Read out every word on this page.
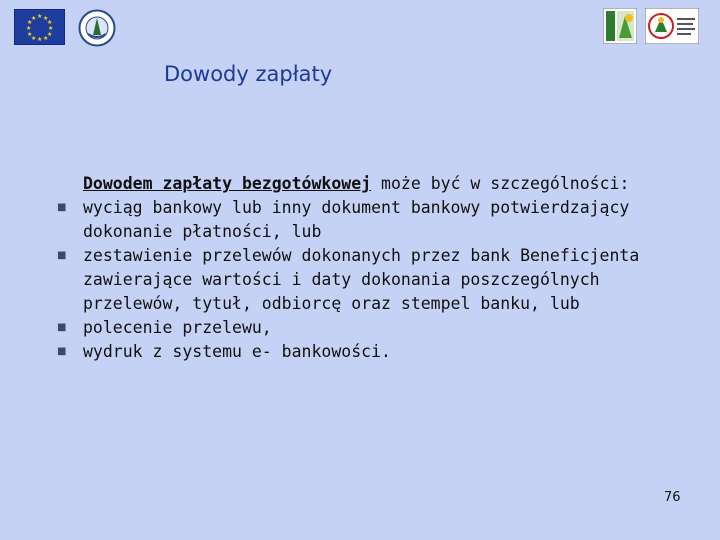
★ ★
★
★
★
★
★
★
★
★
★
★
Dowody zapłaty
Dowodem zapłaty bezgotówkowej może być w szczególności:
■ wyciąg bankowy lub inny dokument bankowy potwierdzający dokonanie płatności, lub
■ zestawienie przelewów dokonanych przez bank Beneficjenta zawierające wartości i daty dokonania poszczególnych przelewów, tytuł, odbiorcę oraz stempel banku, lub
■ polecenie przelewu,
■ wydruk z systemu e- bankowości.
76
